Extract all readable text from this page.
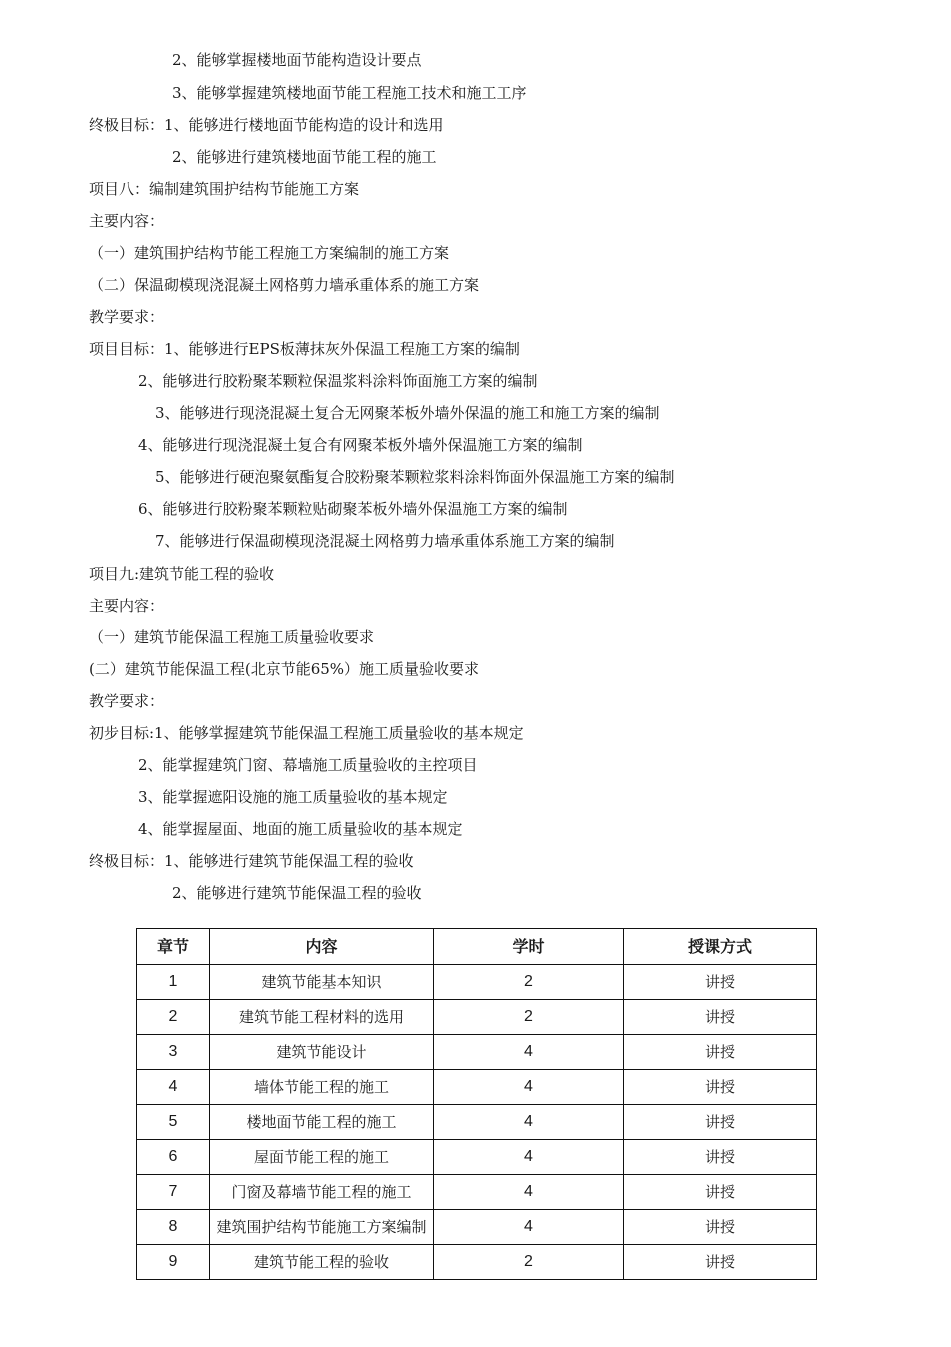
2、能够掌握楼地面节能构造设计要点
3、能够掌握建筑楼地面节能工程施工技术和施工工序
终极目标：1、能够进行楼地面节能构造的设计和选用
2、能够进行建筑楼地面节能工程的施工
项目八：编制建筑围护结构节能施工方案
主要内容：
（一）建筑围护结构节能工程施工方案编制的施工方案
（二）保温砌模现浇混凝土网格剪力墙承重体系的施工方案
教学要求：
项目目标：1、能够进行EPS板薄抹灰外保温工程施工方案的编制
2、能够进行胶粉聚苯颗粒保温浆料涂料饰面施工方案的编制
3、能够进行现浇混凝土复合无网聚苯板外墙外保温的施工和施工方案的编制
4、能够进行现浇混凝土复合有网聚苯板外墙外保温施工方案的编制
5、能够进行硬泡聚氨酯复合胶粉聚苯颗粒浆料涂料饰面外保温施工方案的编制
6、能够进行胶粉聚苯颗粒贴砌聚苯板外墙外保温施工方案的编制
7、能够进行保温砌模现浇混凝土网格剪力墙承重体系施工方案的编制
项目九:建筑节能工程的验收
主要内容：
（一）建筑节能保温工程施工质量验收要求
(二）建筑节能保温工程(北京节能65%）施工质量验收要求
教学要求：
初步目标:1、能够掌握建筑节能保温工程施工质量验收的基本规定
2、能掌握建筑门窗、幕墙施工质量验收的主控项目
3、能掌握遮阳设施的施工质量验收的基本规定
4、能掌握屋面、地面的施工质量验收的基本规定
终极目标：1、能够进行建筑节能保温工程的验收
2、能够进行建筑节能保温工程的验收
章节	内容	学时	授课方式
1	建筑节能基本知识	2	讲授
2	建筑节能工程材料的选用	2	讲授
3	建筑节能设计	4	讲授
4	墙体节能工程的施工	4	讲授
5	楼地面节能工程的施工	4	讲授
6	屋面节能工程的施工	4	讲授
7	门窗及幕墙节能工程的施工	4	讲授
8	建筑围护结构节能施工方案编制	4	讲授
9	建筑节能工程的验收	2	讲授
